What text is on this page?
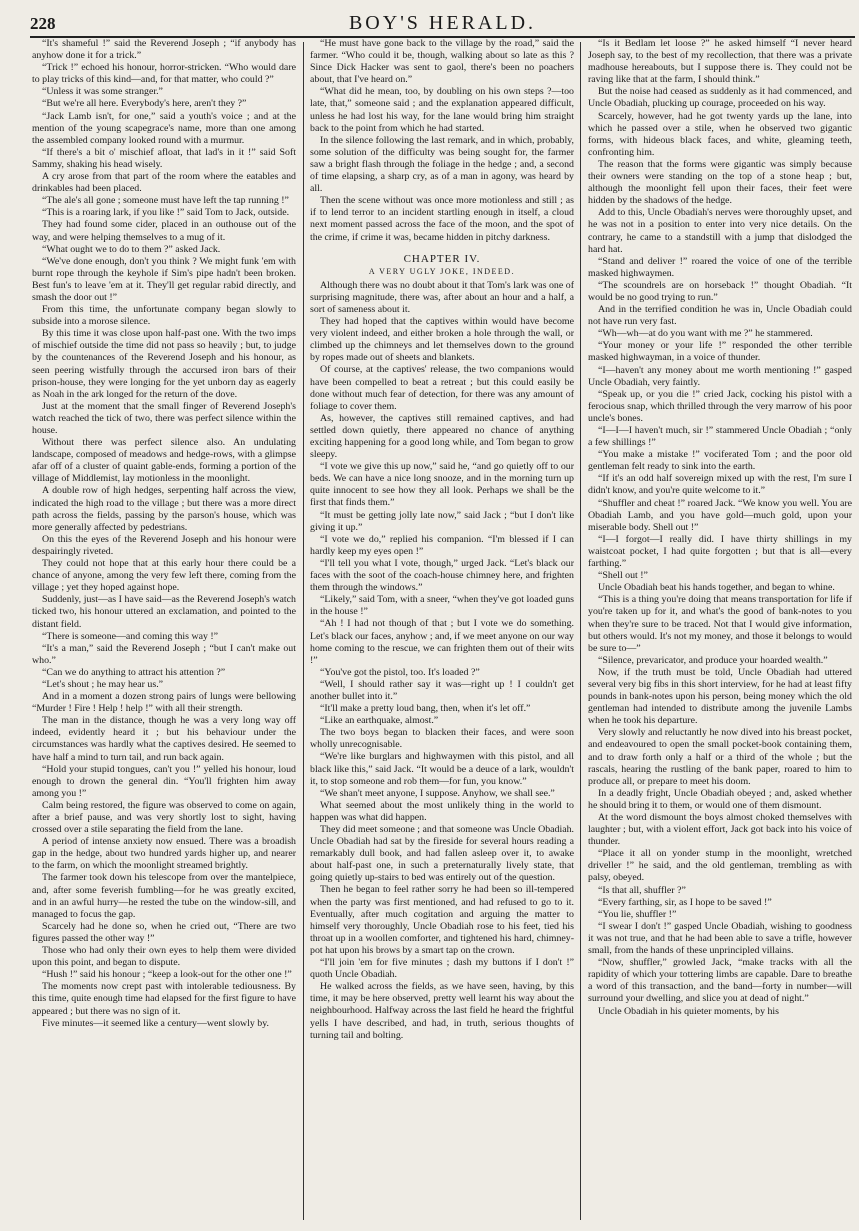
228	BOY'S HERALD.

“It's shameful !” said the Reverend Joseph ; “if anybody has anyhow done it for a trick.”

“Trick !” echoed his honour, horror-stricken. “Who would dare to play tricks of this kind—and, for that matter, who could ?”

“Unless it was some stranger.”

“But we're all here. Everybody's here, aren't they ?”

“Jack Lamb isn't, for one,” said a youth's voice ; and at the mention of the young scapegrace's name, more than one among the assembled company looked round with a murmur.

“If there's a bit o' mischief afloat, that lad's in it !” said Soft Sammy, shaking his head wisely.

A cry arose from that part of the room where the eatables and drinkables had been placed.

“The ale's all gone ; someone must have left the tap running !”

“This is a roaring lark, if you like !” said Tom to Jack, outside.

They had found some cider, placed in an outhouse out of the way, and were helping themselves to a mug of it.

“What ought we to do to them ?” asked Jack.

“We've done enough, don't you think ? We might funk 'em with burnt rope through the keyhole if Sim's pipe hadn't been broken. Best fun's to leave 'em at it. They'll get regular rabid directly, and smash the door out !”

From this time, the unfortunate company began slowly to subside into a morose silence.

By this time it was close upon half-past one. With the two imps of mischief outside the time did not pass so heavily ; but, to judge by the countenances of the Reverend Joseph and his honour, as seen peering wistfully through the accursed iron bars of their prison-house, they were longing for the yet unborn day as eagerly as Noah in the ark longed for the return of the dove.

Just at the moment that the small finger of Reverend Joseph's watch reached the tick of two, there was perfect silence within the house.

Without there was perfect silence also. An undulating landscape, composed of meadows and hedge-rows, with a glimpse afar off of a cluster of quaint gable-ends, forming a portion of the village of Middlemist, lay motionless in the moonlight.

A double row of high hedges, serpenting half across the view, indicated the high road to the village ; but there was a more direct path across the fields, passing by the parson's house, which was more generally affected by pedestrians.

On this the eyes of the Reverend Joseph and his honour were despairingly riveted.

They could not hope that at this early hour there could be a chance of anyone, among the very few left there, coming from the village ; yet they hoped against hope.

Suddenly, just—as I have said—as the Reverend Joseph's watch ticked two, his honour uttered an exclamation, and pointed to the distant field.

“There is someone—and coming this way !”

“It's a man,” said the Reverend Joseph ; “but I can't make out who.”

“Can we do anything to attract his attention ?”

“Let's shout ; he may hear us.”

And in a moment a dozen strong pairs of lungs were bellowing “Murder ! Fire ! Help ! help !” with all their strength.

The man in the distance, though he was a very long way off indeed, evidently heard it ; but his behaviour under the circumstances was hardly what the captives desired. He seemed to have half a mind to turn tail, and run back again.

“Hold your stupid tongues, can't you !” yelled his honour, loud enough to drown the general din. “You'll frighten him away among you !”

Calm being restored, the figure was observed to come on again, after a brief pause, and was very shortly lost to sight, having crossed over a stile separating the field from the lane.

A period of intense anxiety now ensued. There was a broadish gap in the hedge, about two hundred yards higher up, and nearer to the farm, on which the moonlight streamed brightly.

The farmer took down his telescope from over the mantelpiece, and, after some feverish fumbling—for he was greatly excited, and in an awful hurry—he rested the tube on the window-sill, and managed to focus the gap.

Scarcely had he done so, when he cried out, “There are two figures passed the other way !”

Those who had only their own eyes to help them were divided upon this point, and began to dispute.

“Hush !” said his honour ; “keep a look-out for the other one !”

The moments now crept past with intolerable tediousness. By this time, quite enough time had elapsed for the first figure to have appeared ; but there was no sign of it.

Five minutes—it seemed like a century—went slowly by.

“He must have gone back to the village by the road,” said the farmer. “Who could it be, though, walking about so late as this ? Since Dick Hacker was sent to gaol, there's been no poachers about, that I've heard on.”

“What did he mean, too, by doubling on his own steps ?—too late, that,” someone said ; and the explanation appeared difficult, unless he had lost his way, for the lane would bring him straight back to the point from which he had started.

In the silence following the last remark, and in which, probably, some solution of the difficulty was being sought for, the farmer saw a bright flash through the foliage in the hedge ; and, a second of time elapsing, a sharp cry, as of a man in agony, was heard by all.

Then the scene without was once more motionless and still ; as if to lend terror to an incident startling enough in itself, a cloud next moment passed across the face of the moon, and the spot of the crime, if crime it was, became hidden in pitchy darkness.

CHAPTER IV.
A VERY UGLY JOKE, INDEED.

Although there was no doubt about it that Tom's lark was one of surprising magnitude, there was, after about an hour and a half, a sort of sameness about it.

They had hoped that the captives within would have become very violent indeed, and either broken a hole through the wall, or climbed up the chimneys and let themselves down to the ground by ropes made out of sheets and blankets.

Of course, at the captives' release, the two companions would have been compelled to beat a retreat ; but this could easily be done without much fear of detection, for there was any amount of foliage to cover them.

As, however, the captives still remained captives, and had settled down quietly, there appeared no chance of anything exciting happening for a good long while, and Tom began to grow sleepy.

“I vote we give this up now,” said he, “and go quietly off to our beds. We can have a nice long snooze, and in the morning turn up quite innocent to see how they all look. Perhaps we shall be the first that finds them.”

“It must be getting jolly late now,” said Jack ; “but I don't like giving it up.”

“I vote we do,” replied his companion. “I'm blessed if I can hardly keep my eyes open !”

“I'll tell you what I vote, though,” urged Jack. “Let's black our faces with the soot of the coach-house chimney here, and frighten them through the windows.”

“Likely,” said Tom, with a sneer, “when they've got loaded guns in the house !”

“Ah ! I had not though of that ; but I vote we do something. Let's black our faces, anyhow ; and, if we meet anyone on our way home coming to the rescue, we can frighten them out of their wits !”

“You've got the pistol, too. It's loaded ?”

“Well, I should rather say it was—right up ! I couldn't get another bullet into it.”

“It'll make a pretty loud bang, then, when it's let off.”

“Like an earthquake, almost.”

The two boys began to blacken their faces, and were soon wholly unrecognisable.

“We're like burglars and highwaymen with this pistol, and all black like this,” said Jack. “It would be a deuce of a lark, wouldn't it, to stop someone and rob them—for fun, you know.”

“We shan't meet anyone, I suppose. Anyhow, we shall see.”

What seemed about the most unlikely thing in the world to happen was what did happen.

They did meet someone ; and that someone was Uncle Obadiah. Uncle Obadiah had sat by the fireside for several hours reading a remarkably dull book, and had fallen asleep over it, to awake about half-past one, in such a preternaturally lively state, that going quietly up-stairs to bed was entirely out of the question.

Then he began to feel rather sorry he had been so ill-tempered when the party was first mentioned, and had refused to go to it. Eventually, after much cogitation and arguing the matter to himself very thoroughly, Uncle Obadiah rose to his feet, tied his throat up in a woollen comforter, and tightened his hard, chimney-pot hat upon his brows by a smart tap on the crown.

“I'll join 'em for five minutes ; dash my buttons if I don't !” quoth Uncle Obadiah.

He walked across the fields, as we have seen, having, by this time, it may be here observed, pretty well learnt his way about the neighbourhood. Halfway across the last field he heard the frightful yells I have described, and had, in truth, serious thoughts of turning tail and bolting.

“Is it Bedlam let loose ?” he asked himself “I never heard Joseph say, to the best of my recollection, that there was a private madhouse hereabouts, but I suppose there is. They could not be raving like that at the farm, I should think.”

But the noise had ceased as suddenly as it had commenced, and Uncle Obadiah, plucking up courage, proceeded on his way.

Scarcely, however, had he got twenty yards up the lane, into which he passed over a stile, when he observed two gigantic forms, with hideous black faces, and white, gleaming teeth, confronting him.

The reason that the forms were gigantic was simply because their owners were standing on the top of a stone heap ; but, although the moonlight fell upon their faces, their feet were hidden by the shadows of the hedge.

Add to this, Uncle Obadiah's nerves were thoroughly upset, and he was not in a position to enter into very nice details. On the contrary, he came to a standstill with a jump that dislodged the hard hat.

“Stand and deliver !” roared the voice of one of the terrible masked highwaymen.

“The scoundrels are on horseback !” thought Obadiah. “It would be no good trying to run.”

And in the terrified condition he was in, Uncle Obadiah could not have run very fast.

“Wh—wh—at do you want with me ?” he stammered.

“Your money or your life !” responded the other terrible masked highwayman, in a voice of thunder.

“I—haven't any money about me worth mentioning !” gasped Uncle Obadiah, very faintly.

“Speak up, or you die !” cried Jack, cocking his pistol with a ferocious snap, which thrilled through the very marrow of his poor uncle's bones.

“I—I—I haven't much, sir !” stammered Uncle Obadiah ; “only a few shillings !”

“You make a mistake !” vociferated Tom ; and the poor old gentleman felt ready to sink into the earth.

“If it's an odd half sovereign mixed up with the rest, I'm sure I didn't know, and you're quite welcome to it.”

“Shuffler and cheat !” roared Jack. “We know you well. You are Obadiah Lamb, and you have gold—much gold, upon your miserable body. Shell out !”

“I—I forgot—I really did. I have thirty shillings in my waistcoat pocket, I had quite forgotten ; but that is all—every farthing.”

“Shell out !”

Uncle Obadiah beat his hands together, and began to whine.

“This is a thing you're doing that means transportation for life if you're taken up for it, and what's the good of bank-notes to you when they're sure to be traced. Not that I would give information, but others would. It's not my money, and those it belongs to would be sure to—”

“Silence, prevaricator, and produce your hoarded wealth.”

Now, if the truth must be told, Uncle Obadiah had uttered several very big fibs in this short interview, for he had at least fifty pounds in bank-notes upon his person, being money which the old gentleman had intended to distribute among the juvenile Lambs when he took his departure.

Very slowly and reluctantly he now dived into his breast pocket, and endeavoured to open the small pocket-book containing them, and to draw forth only a half or a third of the whole ; but the rascals, hearing the rustling of the bank paper, roared to him to produce all, or prepare to meet his doom.

In a deadly fright, Uncle Obadiah obeyed ; and, asked whether he should bring it to them, or would one of them dismount.

At the word dismount the boys almost choked themselves with laughter ; but, with a violent effort, Jack got back into his voice of thunder.

“Place it all on yonder stump in the moonlight, wretched driveller !” he said, and the old gentleman, trembling as with palsy, obeyed.

“Is that all, shuffler ?”

“Every farthing, sir, as I hope to be saved !”

“You lie, shuffler !”

“I swear I don't !” gasped Uncle Obadiah, wishing to goodness it was not true, and that he had been able to save a trifle, however small, from the hands of these unprincipled villains.

“Now, shuffler,” growled Jack, “make tracks with all the rapidity of which your tottering limbs are capable. Dare to breathe a word of this transaction, and the band—forty in number—will surround your dwelling, and slice you at dead of night.”

Uncle Obadiah in his quieter moments, by his
